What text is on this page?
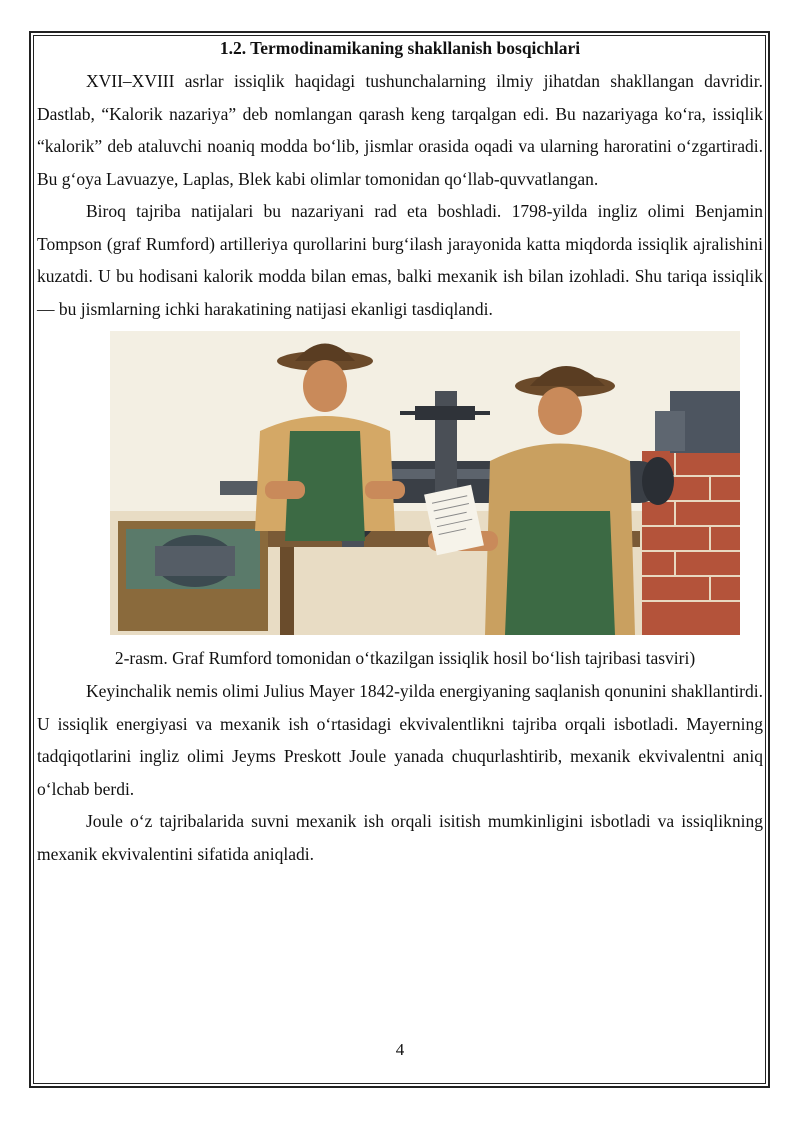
1.2. Termodinamikaning shakllanish bosqichlari

XVII–XVIII asrlar issiqlik haqidagi tushunchalarning ilmiy jihatdan shakllangan davridir. Dastlab, “Kalorik nazariya” deb nomlangan qarash keng tarqalgan edi. Bu nazariyaga ko‘ra, issiqlik “kalorik” deb ataluvchi noaniq modda bo‘lib, jismlar orasida oqadi va ularning haroratini o‘zgartiradi. Bu g‘oya Lavuazye, Laplas, Blek kabi olimlar tomonidan qo‘llab-quvvatlangan.

Biroq tajriba natijalari bu nazariyani rad eta boshladi. 1798-yilda ingliz olimi Benjamin Tompson (graf Rumford) artilleriya qurollarini burg‘ilash jarayonida katta miqdorda issiqlik ajralishini kuzatdi. U bu hodisani kalorik modda bilan emas, balki mexanik ish bilan izohladi. Shu tariqa issiqlik — bu jismlarning ichki harakatining natijasi ekanligi tasdiqlandi.

2-rasm. Graf Rumford tomonidan o‘tkazilgan issiqlik hosil bo‘lish tajribasi tasviri)

Keyinchalik nemis olimi Julius Mayer 1842-yilda energiyaning saqlanish qonunini shakllantirdi. U issiqlik energiyasi va mexanik ish o‘rtasidagi ekvivalentlikni tajriba orqali isbotladi. Mayerning tadqiqotlarini ingliz olimi Jeyms Preskott Joule yanada chuqurlashtirib, mexanik ekvivalentni aniq o‘lchab berdi.

Joule o‘z tajribalarida suvni mexanik ish orqali isitish mumkinligini isbotladi va issiqlikning mexanik ekvivalentini sifatida aniqladi.

4
